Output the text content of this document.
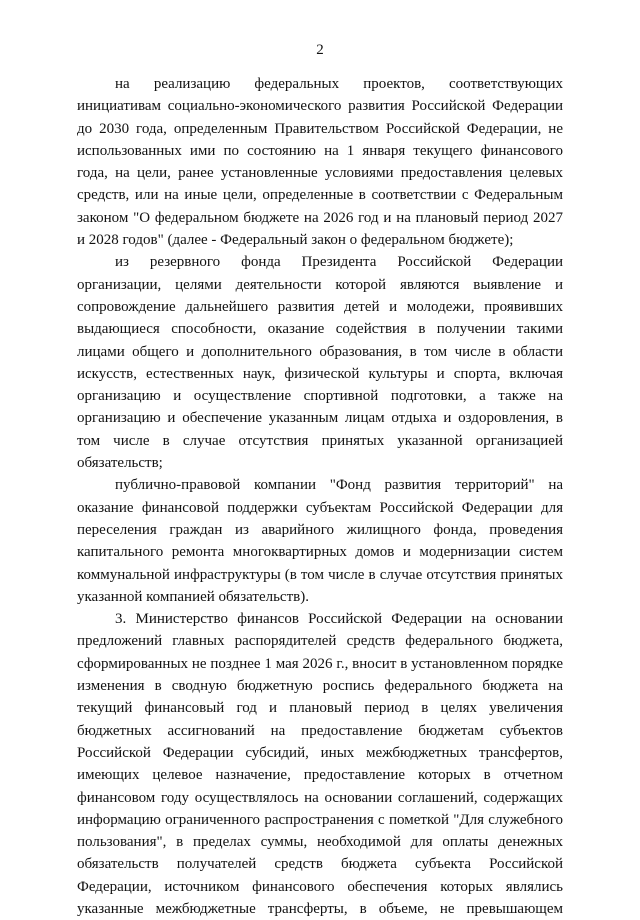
2

на реализацию федеральных проектов, соответствующих инициативам социально-экономического развития Российской Федерации до 2030 года, определенным Правительством Российской Федерации, не использованных ими по состоянию на 1 января текущего финансового года, на цели, ранее установленные условиями предоставления целевых средств, или на иные цели, определенные в соответствии с Федеральным законом "О федеральном бюджете на 2026 год и на плановый период 2027 и 2028 годов" (далее - Федеральный закон о федеральном бюджете);

из резервного фонда Президента Российской Федерации организации, целями деятельности которой являются выявление и сопровождение дальнейшего развития детей и молодежи, проявивших выдающиеся способности, оказание содействия в получении такими лицами общего и дополнительного образования, в том числе в области искусств, естественных наук, физической культуры и спорта, включая организацию и осуществление спортивной подготовки, а также на организацию и обеспечение указанным лицам отдыха и оздоровления, в том числе в случае отсутствия принятых указанной организацией обязательств;

публично-правовой компании "Фонд развития территорий" на оказание финансовой поддержки субъектам Российской Федерации для переселения граждан из аварийного жилищного фонда, проведения капитального ремонта многоквартирных домов и модернизации систем коммунальной инфраструктуры (в том числе в случае отсутствия принятых указанной компанией обязательств).

3. Министерство финансов Российской Федерации на основании предложений главных распорядителей средств федерального бюджета, сформированных не позднее 1 мая 2026 г., вносит в установленном порядке изменения в сводную бюджетную роспись федерального бюджета на текущий финансовый год и плановый период в целях увеличения бюджетных ассигнований на предоставление бюджетам субъектов Российской Федерации субсидий, иных межбюджетных трансфертов, имеющих целевое назначение, предоставление которых в отчетном финансовом году осуществлялось на основании соглашений, содержащих информацию ограниченного распространения с пометкой "Для служебного пользования", в пределах суммы, необходимой для оплаты денежных обязательств получателей средств бюджета субъекта Российской Федерации, источником финансового обеспечения которых являлись указанные межбюджетные трансферты, в объеме, не превышающем
